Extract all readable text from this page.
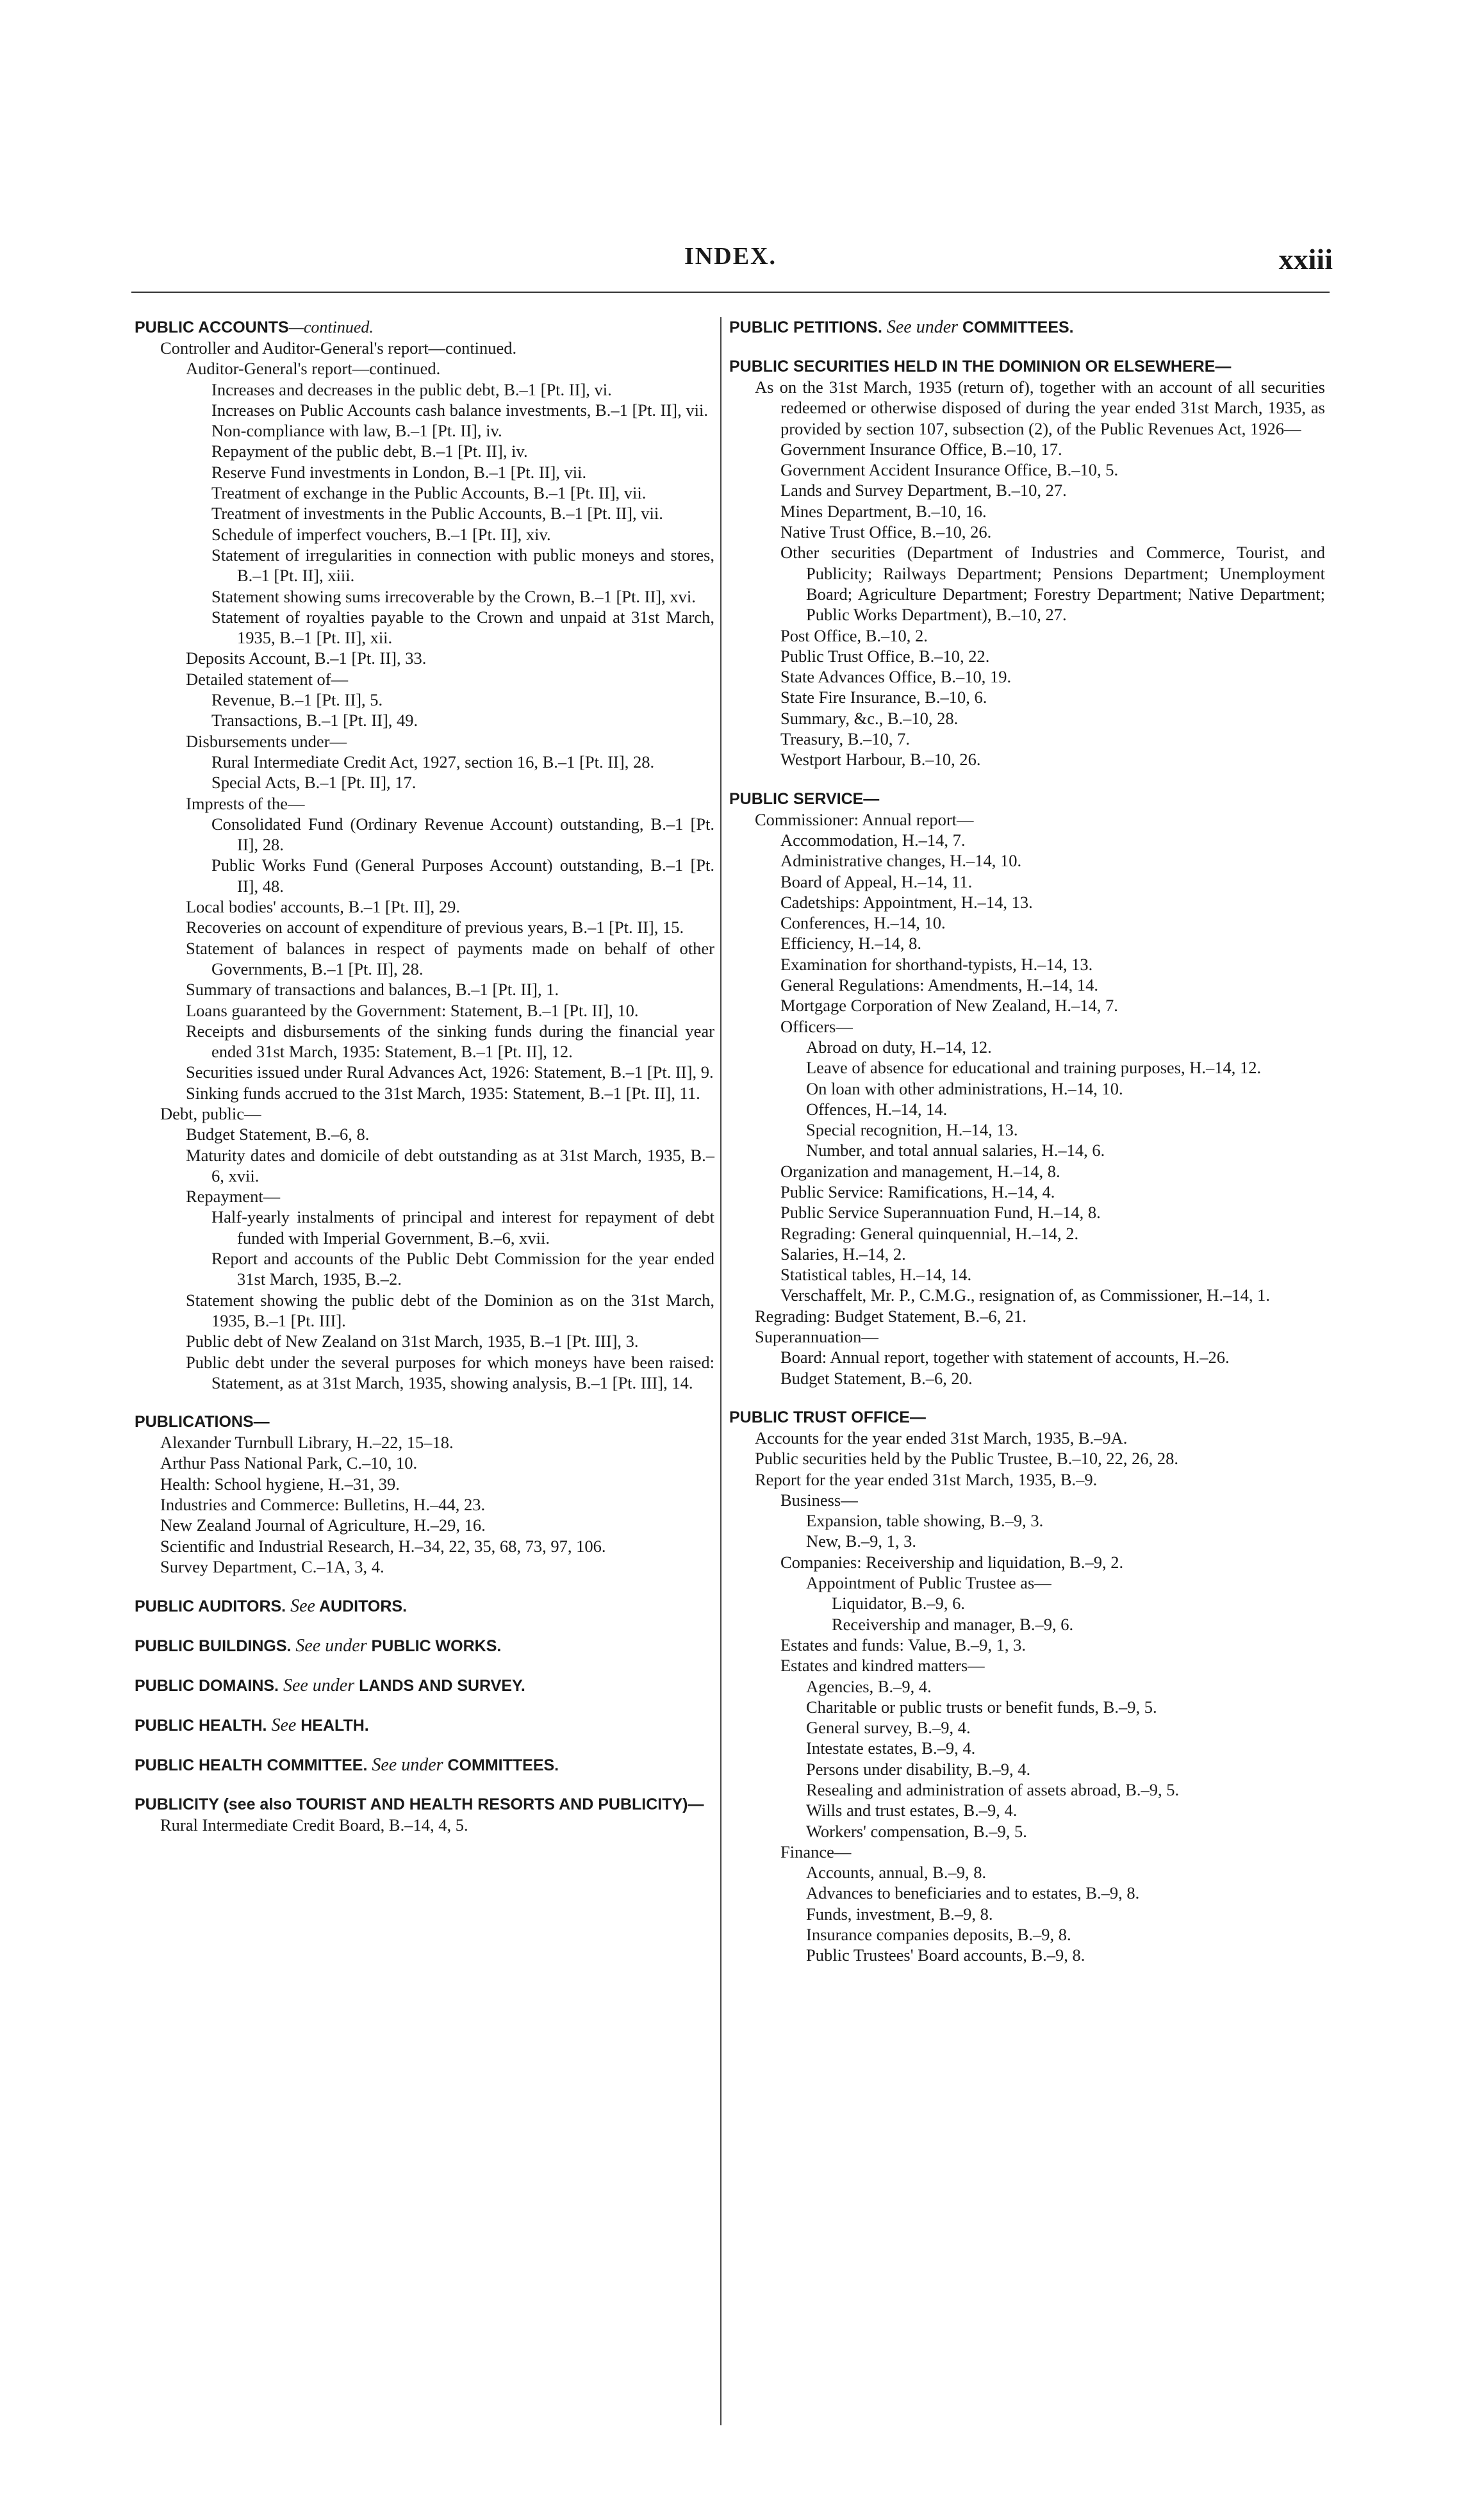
INDEX.	xxiii
PUBLIC ACCOUNTS—continued.
Controller and Auditor-General's report—continued.
Auditor-General's report—continued.
Increases and decreases in the public debt, B.–1 [Pt. II], vi.
Increases on Public Accounts cash balance investments, B.–1 [Pt. II], vii.
Non-compliance with law, B.–1 [Pt. II], iv.
Repayment of the public debt, B.–1 [Pt. II], iv.
Reserve Fund investments in London, B.–1 [Pt. II], vii.
Treatment of exchange in the Public Accounts, B.–1 [Pt. II], vii.
Treatment of investments in the Public Accounts, B.–1 [Pt. II], vii.
Schedule of imperfect vouchers, B.–1 [Pt. II], xiv.
Statement of irregularities in connection with public moneys and stores, B.–1 [Pt. II], xiii.
Statement showing sums irrecoverable by the Crown, B.–1 [Pt. II], xvi.
Statement of royalties payable to the Crown and unpaid at 31st March, 1935, B.–1 [Pt. II], xii.
Deposits Account, B.–1 [Pt. II], 33.
Detailed statement of—
Revenue, B.–1 [Pt. II], 5.
Transactions, B.–1 [Pt. II], 49.
Disbursements under—
Rural Intermediate Credit Act, 1927, section 16, B.–1 [Pt. II], 28.
Special Acts, B.–1 [Pt. II], 17.
Imprests of the—
Consolidated Fund (Ordinary Revenue Account) outstanding, B.–1 [Pt. II], 28.
Public Works Fund (General Purposes Account) outstanding, B.–1 [Pt. II], 48.
Local bodies' accounts, B.–1 [Pt. II], 29.
Recoveries on account of expenditure of previous years, B.–1 [Pt. II], 15.
Statement of balances in respect of payments made on behalf of other Governments, B.–1 [Pt. II], 28.
Summary of transactions and balances, B.–1 [Pt. II], 1.
Loans guaranteed by the Government: Statement, B.–1 [Pt. II], 10.
Receipts and disbursements of the sinking funds during the financial year ended 31st March, 1935: Statement, B.–1 [Pt. II], 12.
Securities issued under Rural Advances Act, 1926: Statement, B.–1 [Pt. II], 9.
Sinking funds accrued to the 31st March, 1935: Statement, B.–1 [Pt. II], 11.
Debt, public—
Budget Statement, B.–6, 8.
Maturity dates and domicile of debt outstanding as at 31st March, 1935, B.–6, xvii.
Repayment—
Half-yearly instalments of principal and interest for repayment of debt funded with Imperial Government, B.–6, xvii.
Report and accounts of the Public Debt Commission for the year ended 31st March, 1935, B.–2.
Statement showing the public debt of the Dominion as on the 31st March, 1935, B.–1 [Pt. III].
Public debt of New Zealand on 31st March, 1935, B.–1 [Pt. III], 3.
Public debt under the several purposes for which moneys have been raised: Statement, as at 31st March, 1935, showing analysis, B.–1 [Pt. III], 14.
PUBLICATIONS—
Alexander Turnbull Library, H.–22, 15–18.
Arthur Pass National Park, C.–10, 10.
Health: School hygiene, H.–31, 39.
Industries and Commerce: Bulletins, H.–44, 23.
New Zealand Journal of Agriculture, H.–29, 16.
Scientific and Industrial Research, H.–34, 22, 35, 68, 73, 97, 106.
Survey Department, C.–1A, 3, 4.
PUBLIC AUDITORS. See AUDITORS.
PUBLIC BUILDINGS. See under PUBLIC WORKS.
PUBLIC DOMAINS. See under LANDS AND SURVEY.
PUBLIC HEALTH. See HEALTH.
PUBLIC HEALTH COMMITTEE. See under COMMITTEES.
PUBLICITY (see also TOURIST AND HEALTH RESORTS AND PUBLICITY)—
Rural Intermediate Credit Board, B.–14, 4, 5.
PUBLIC PETITIONS. See under COMMITTEES.
PUBLIC SECURITIES HELD IN THE DOMINION OR ELSEWHERE—
As on the 31st March, 1935 (return of), together with an account of all securities redeemed or otherwise disposed of during the year ended 31st March, 1935, as provided by section 107, subsection (2), of the Public Revenues Act, 1926—
Government Insurance Office, B.–10, 17.
Government Accident Insurance Office, B.–10, 5.
Lands and Survey Department, B.–10, 27.
Mines Department, B.–10, 16.
Native Trust Office, B.–10, 26.
Other securities (Department of Industries and Commerce, Tourist, and Publicity; Railways Department; Pensions Department; Unemployment Board; Agriculture Department; Forestry Department; Native Department; Public Works Department), B.–10, 27.
Post Office, B.–10, 2.
Public Trust Office, B.–10, 22.
State Advances Office, B.–10, 19.
State Fire Insurance, B.–10, 6.
Summary, &c., B.–10, 28.
Treasury, B.–10, 7.
Westport Harbour, B.–10, 26.
PUBLIC SERVICE—
Commissioner: Annual report—
Accommodation, H.–14, 7.
Administrative changes, H.–14, 10.
Board of Appeal, H.–14, 11.
Cadetships: Appointment, H.–14, 13.
Conferences, H.–14, 10.
Efficiency, H.–14, 8.
Examination for shorthand-typists, H.–14, 13.
General Regulations: Amendments, H.–14, 14.
Mortgage Corporation of New Zealand, H.–14, 7.
Officers—
Abroad on duty, H.–14, 12.
Leave of absence for educational and training purposes, H.–14, 12.
On loan with other administrations, H.–14, 10.
Offences, H.–14, 14.
Special recognition, H.–14, 13.
Number, and total annual salaries, H.–14, 6.
Organization and management, H.–14, 8.
Public Service: Ramifications, H.–14, 4.
Public Service Superannuation Fund, H.–14, 8.
Regrading: General quinquennial, H.–14, 2.
Salaries, H.–14, 2.
Statistical tables, H.–14, 14.
Verschaffelt, Mr. P., C.M.G., resignation of, as Commissioner, H.–14, 1.
Regrading: Budget Statement, B.–6, 21.
Superannuation—
Board: Annual report, together with statement of accounts, H.–26.
Budget Statement, B.–6, 20.
PUBLIC TRUST OFFICE—
Accounts for the year ended 31st March, 1935, B.–9A.
Public securities held by the Public Trustee, B.–10, 22, 26, 28.
Report for the year ended 31st March, 1935, B.–9.
Business—
Expansion, table showing, B.–9, 3.
New, B.–9, 1, 3.
Companies: Receivership and liquidation, B.–9, 2.
Appointment of Public Trustee as—
Liquidator, B.–9, 6.
Receivership and manager, B.–9, 6.
Estates and funds: Value, B.–9, 1, 3.
Estates and kindred matters—
Agencies, B.–9, 4.
Charitable or public trusts or benefit funds, B.–9, 5.
General survey, B.–9, 4.
Intestate estates, B.–9, 4.
Persons under disability, B.–9, 4.
Resealing and administration of assets abroad, B.–9, 5.
Wills and trust estates, B.–9, 4.
Workers' compensation, B.–9, 5.
Finance—
Accounts, annual, B.–9, 8.
Advances to beneficiaries and to estates, B.–9, 8.
Funds, investment, B.–9, 8.
Insurance companies deposits, B.–9, 8.
Public Trustees' Board accounts, B.–9, 8.
